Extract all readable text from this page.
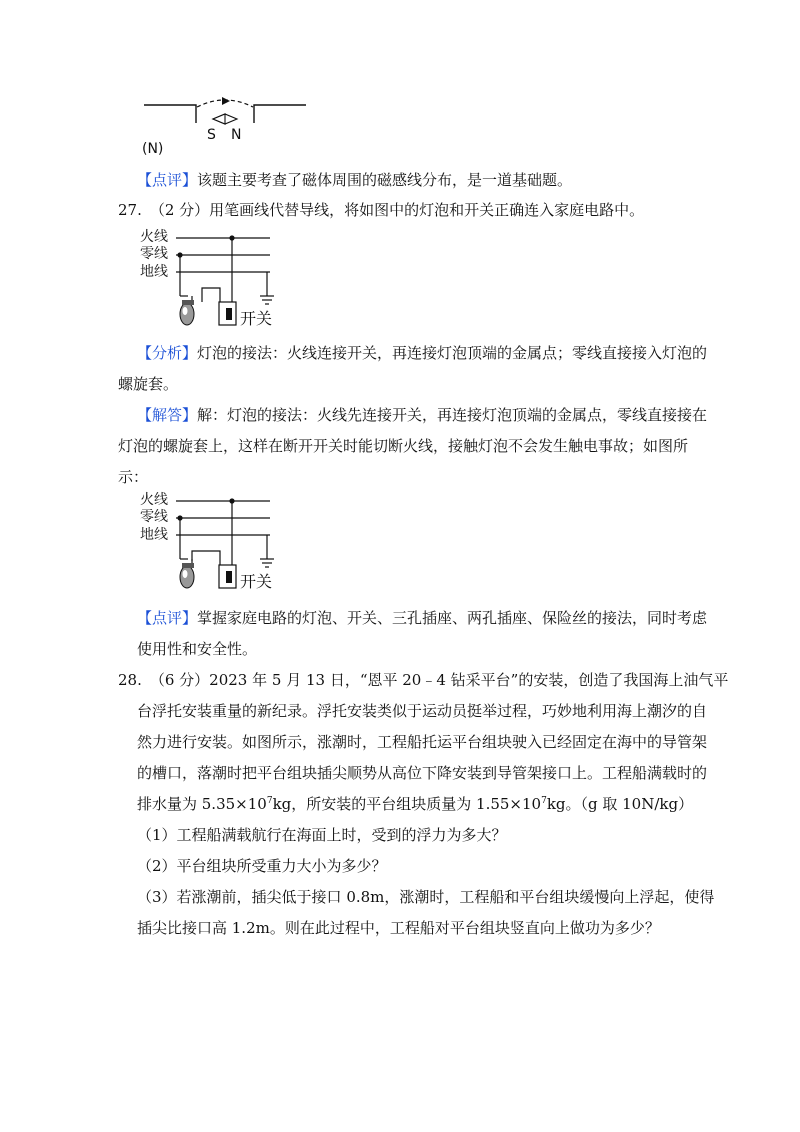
S N
(N)
【点评】该题主要考查了磁体周围的磁感线分布，是一道基础题。
27. （2 分）用笔画线代替导线，将如图中的灯泡和开关正确连入家庭电路中。
火线
零线
地线
开关
【分析】灯泡的接法：火线连接开关，再连接灯泡顶端的金属点；零线直接接入灯泡的
螺旋套。
【解答】解：灯泡的接法：火线先连接开关，再连接灯泡顶端的金属点，零线直接接在
灯泡的螺旋套上，这样在断开开关时能切断火线，接触灯泡不会发生触电事故；如图所
示：
火线
零线
地线
开关
【点评】掌握家庭电路的灯泡、开关、三孔插座、两孔插座、保险丝的接法，同时考虑
使用性和安全性。
28. （6 分）2023 年 5 月 13 日，“恩平 20﹣4 钻采平台”的安装，创造了我国海上油气平
台浮托安装重量的新纪录。浮托安装类似于运动员挺举过程，巧妙地利用海上潮汐的自
然力进行安装。如图所示，涨潮时，工程船托运平台组块驶入已经固定在海中的导管架
的槽口，落潮时把平台组块插尖顺势从高位下降安装到导管架接口上。工程船满载时的
排水量为 $5.35\times 10^7kg$，所安装的平台组块质量为 $1.55\times 10^7kg$。（g 取 10N/kg）
（1）工程船满载航行在海面上时，受到的浮力为多大？
（2）平台组块所受重力大小为多少？
（3）若涨潮前，插尖低于接口 0.8m，涨潮时，工程船和平台组块缓慢向上浮起，使得
插尖比接口高 1.2m。则在此过程中，工程船对平台组块竖直向上做功为多少？
